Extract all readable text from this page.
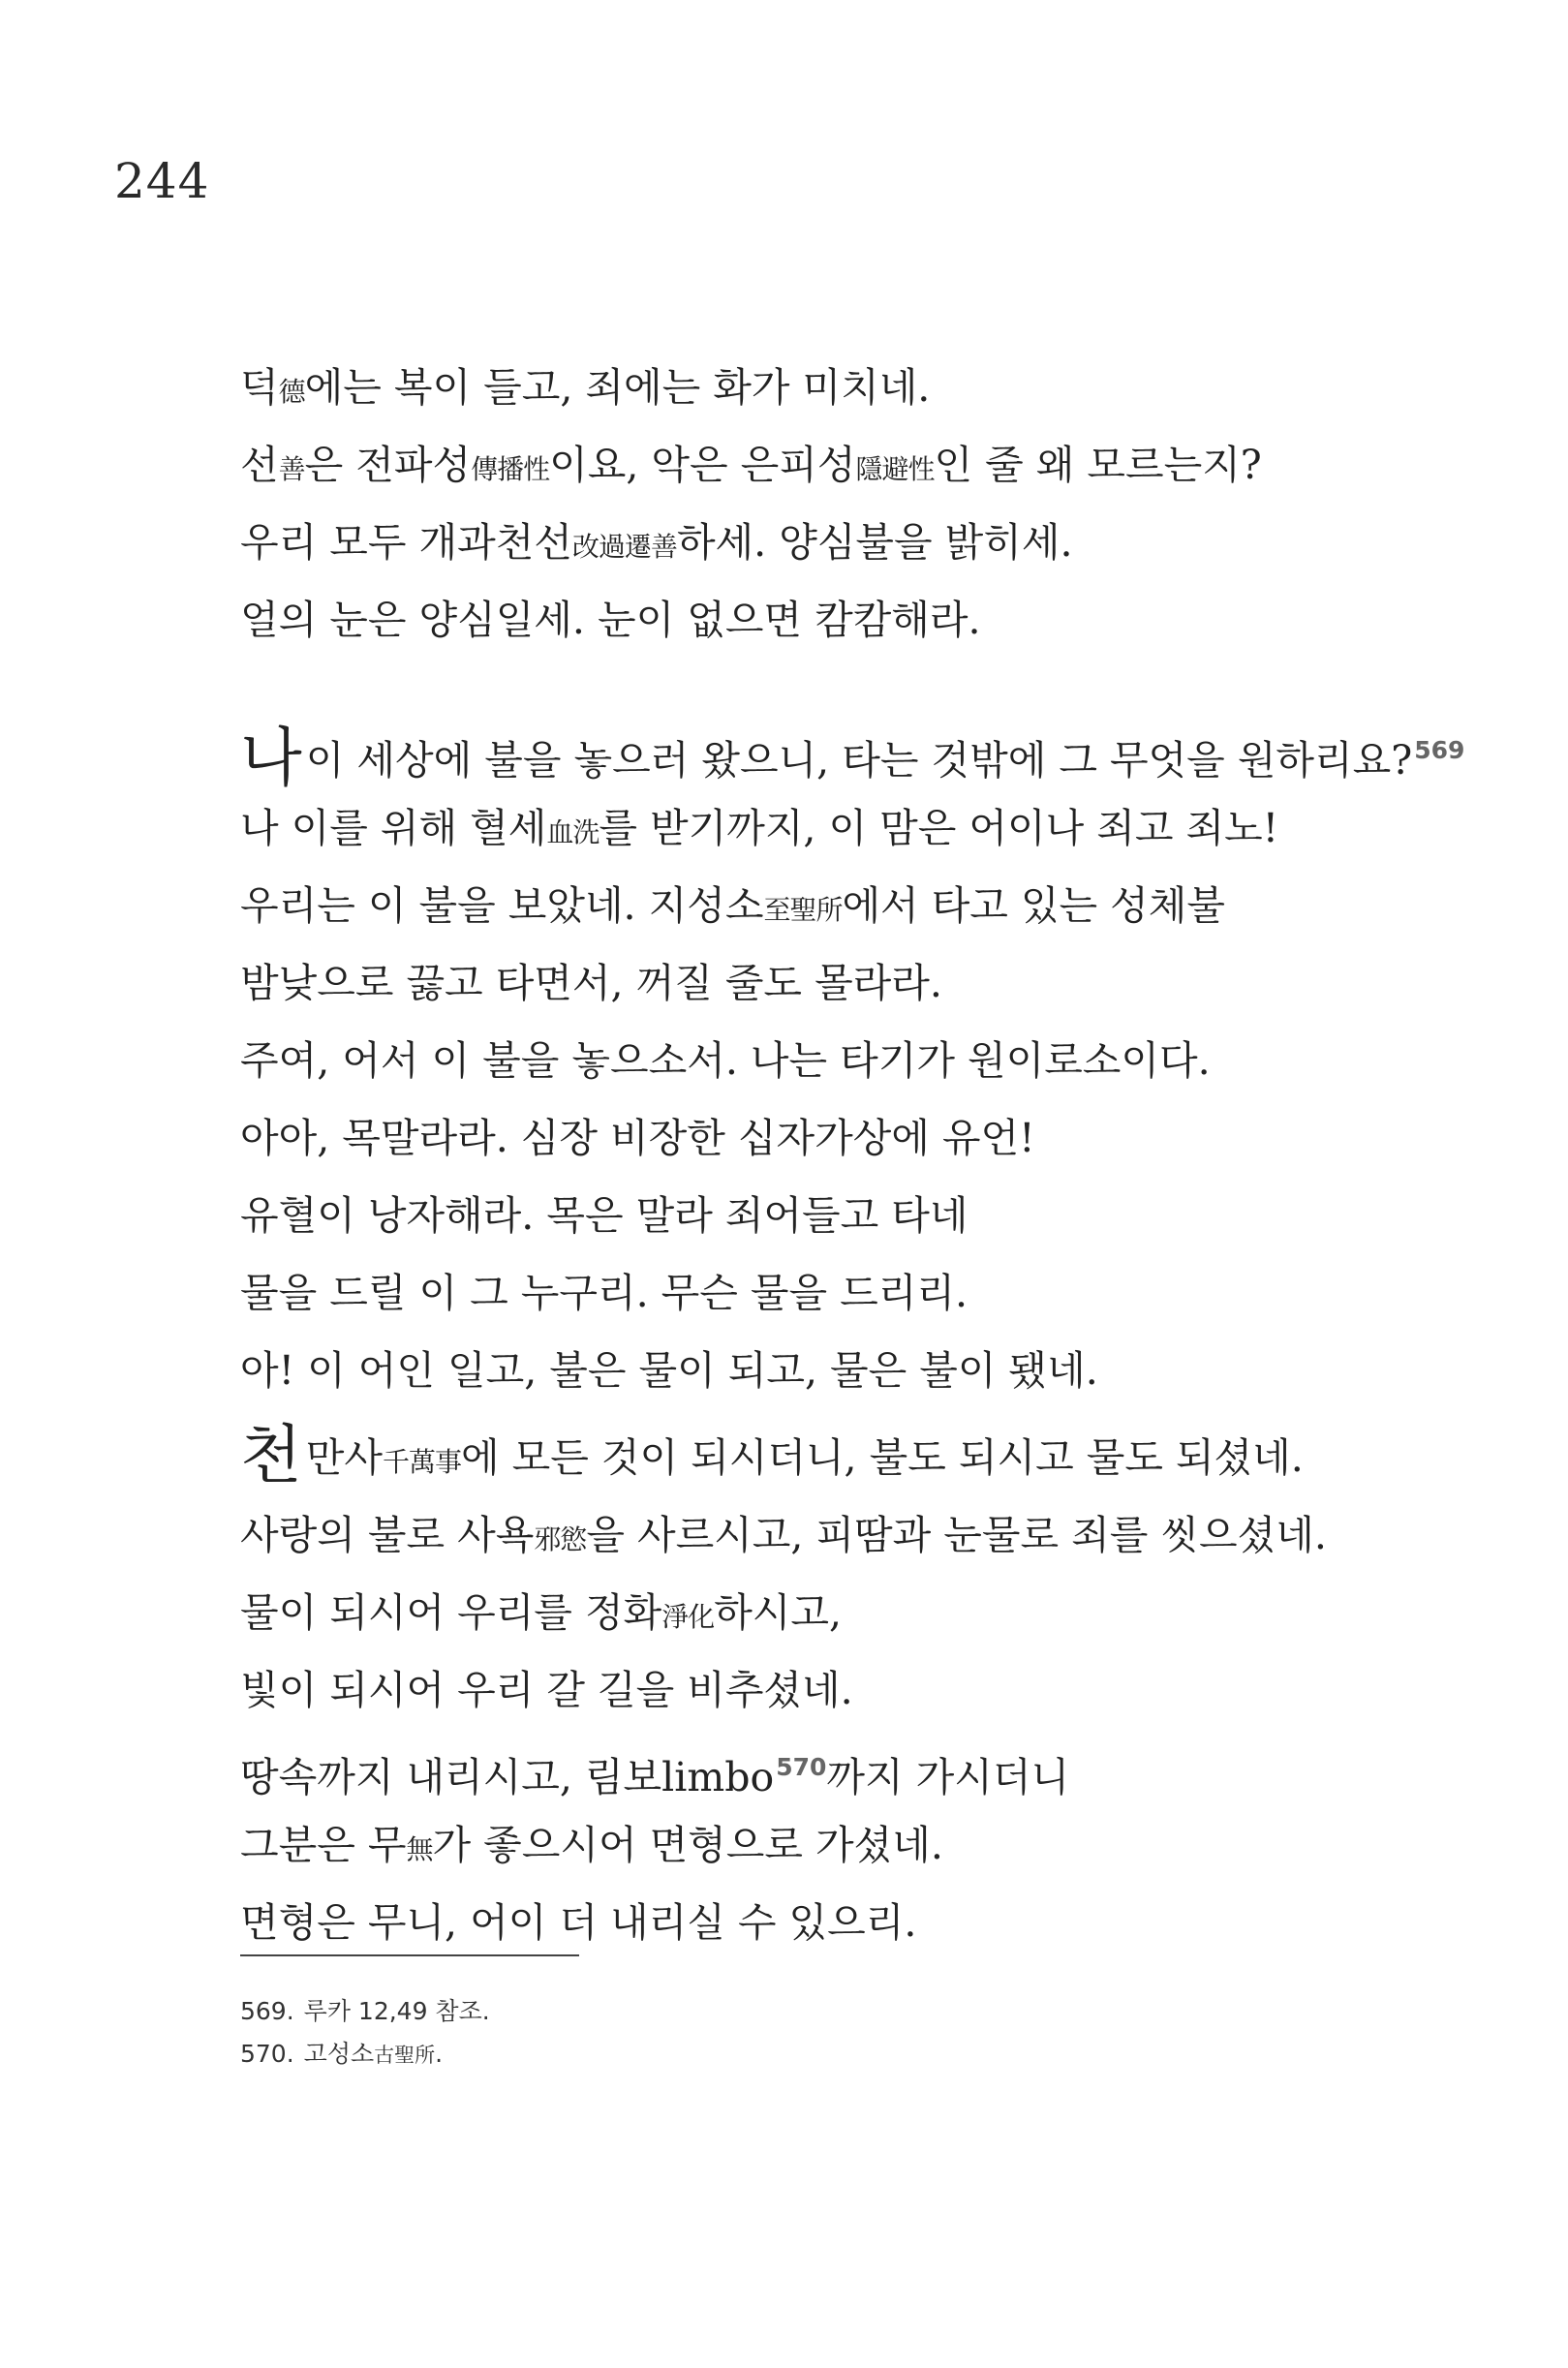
244
덕德에는 복이 들고, 죄에는 화가 미치네.
선善은 전파성傳播性이요, 악은 은피성隱避性인 줄 왜 모르는지?
우리 모두 개과천선改過遷善하세. 양심불을 밝히세.
얼의 눈은 양심일세. 눈이 없으면 캄캄해라.
나이 세상에 불을 놓으러 왔으니, 타는 것밖에 그 무엇을 원하리요?$^{569}$
나 이를 위해 혈세血洗를 받기까지, 이 맘은 어이나 죄고 죄노!
우리는 이 불을 보았네. 지성소至聖所에서 타고 있는 성체불
밤낮으로 끓고 타면서, 꺼질 줄도 몰라라.
주여, 어서 이 불을 놓으소서. 나는 타기가 원이로소이다.
아아, 목말라라. 심장 비장한 십자가상에 유언!
유혈이 낭자해라. 목은 말라 죄어들고 타네
물을 드릴 이 그 누구리. 무슨 물을 드리리.
아! 이 어인 일고, 불은 물이 되고, 물은 불이 됐네.
천만사千萬事에 모든 것이 되시더니, 불도 되시고 물도 되셨네.
사랑의 불로 사욕邪慾을 사르시고, 피땀과 눈물로 죄를 씻으셨네.
물이 되시어 우리를 정화淨化하시고,
빛이 되시어 우리 갈 길을 비추셨네.
땅속까지 내리시고, 림보limbo$^{570}$까지 가시더니
그분은 무無가 좋으시어 면형으로 가셨네.
면형은 무니, 어이 더 내리실 수 있으리.
569. 루카 12,49 참조.
570. 고성소古聖所.
